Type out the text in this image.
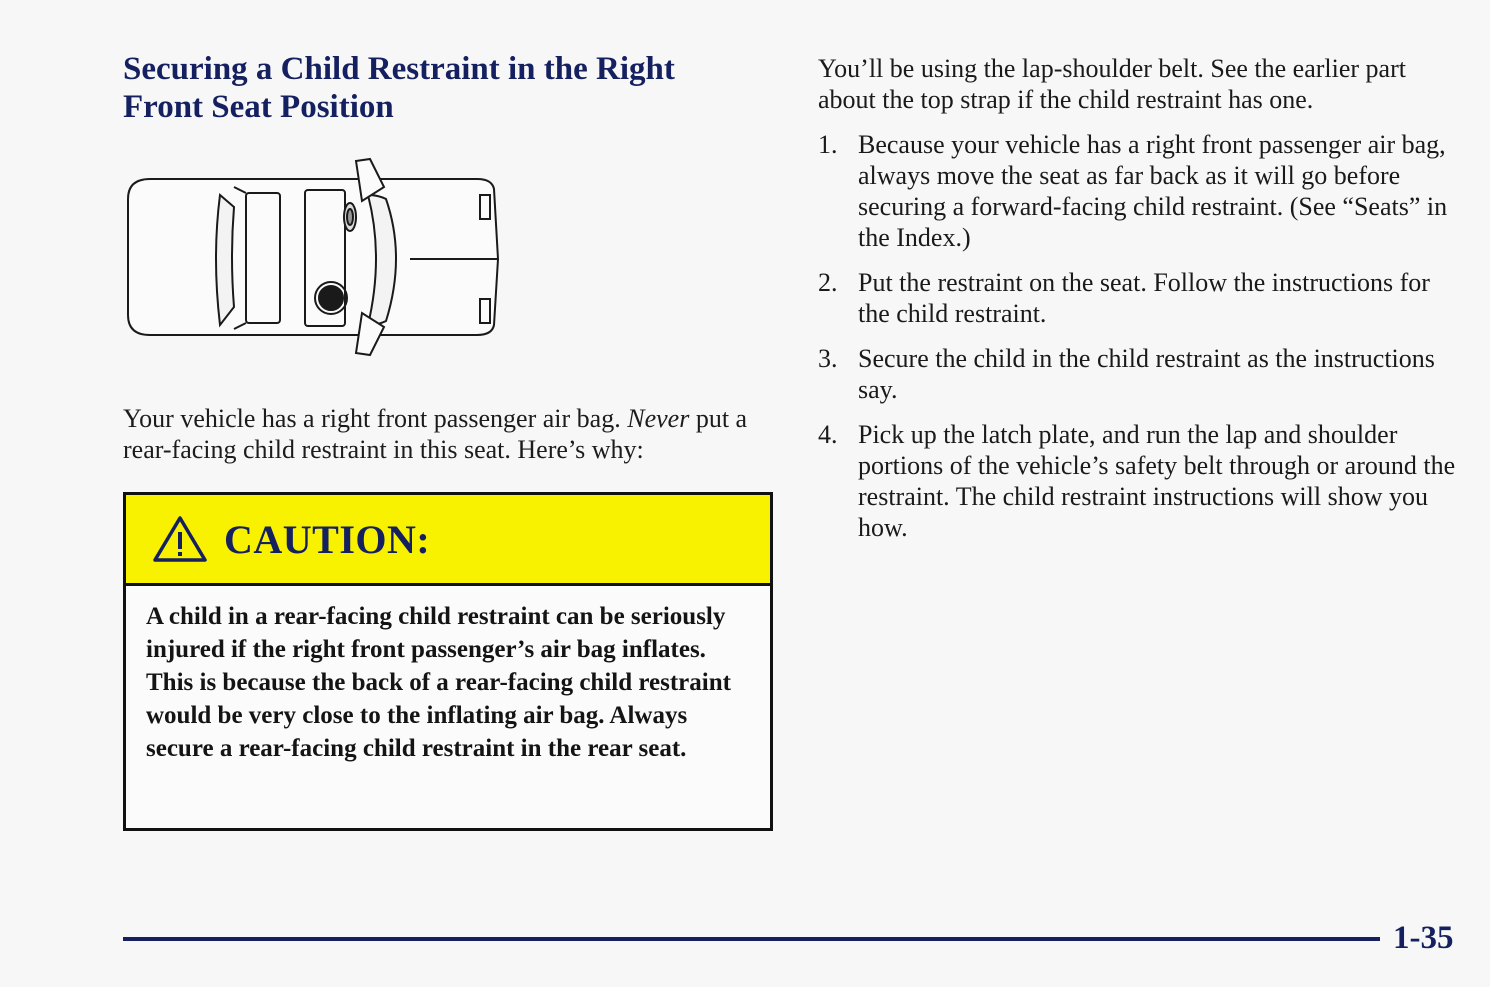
Securing a Child Restraint in the Right
Front Seat Position

Your vehicle has a right front passenger air bag. Never put a rear-facing child restraint in this seat. Here’s why:

CAUTION:

A child in a rear-facing child restraint can be seriously injured if the right front passenger’s air bag inflates. This is because the back of a rear-facing child restraint would be very close to the inflating air bag. Always secure a rear-facing child restraint in the rear seat.

You’ll be using the lap-shoulder belt. See the earlier part about the top strap if the child restraint has one.

1. Because your vehicle has a right front passenger air bag, always move the seat as far back as it will go before securing a forward-facing child restraint. (See “Seats” in the Index.)
2. Put the restraint on the seat. Follow the instructions for the child restraint.
3. Secure the child in the child restraint as the instructions say.
4. Pick up the latch plate, and run the lap and shoulder portions of the vehicle’s safety belt through or around the restraint. The child restraint instructions will show you how.
1-35
